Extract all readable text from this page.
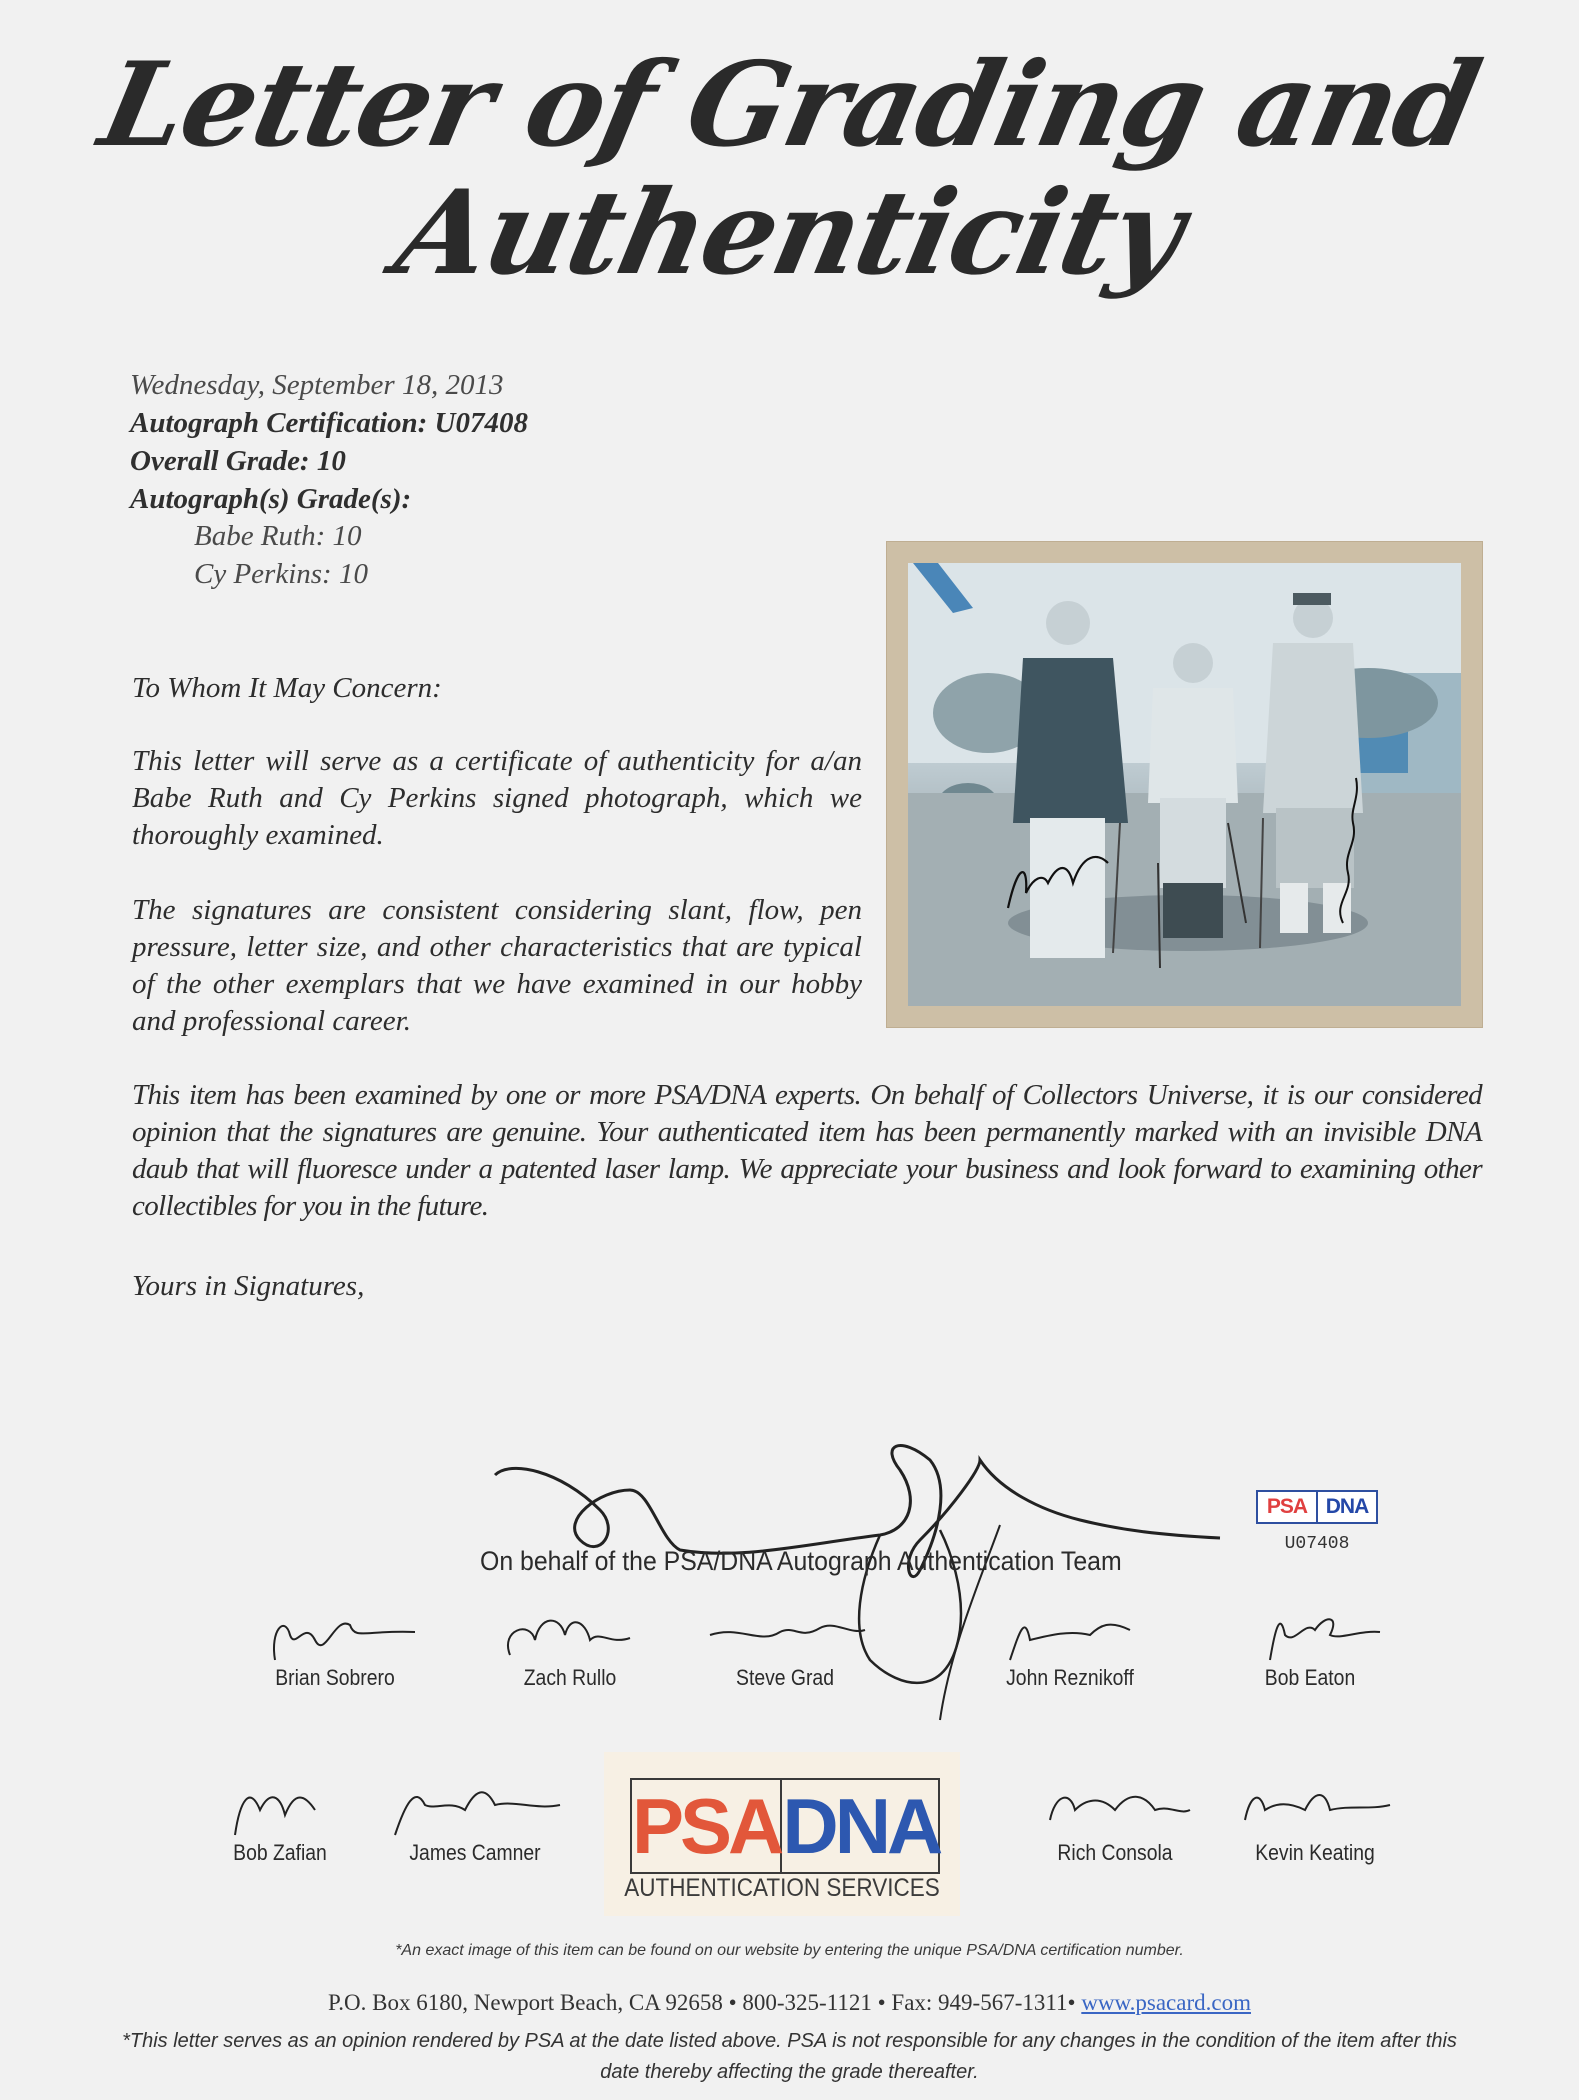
Letter of Grading and
Authenticity
Wednesday, September 18, 2013
Autograph Certification: U07408
Overall Grade: 10
Autograph(s) Grade(s):
Babe Ruth: 10
Cy Perkins: 10
To Whom It May Concern:
This letter will serve as a certificate of authenticity for a/an Babe Ruth and Cy Perkins signed photograph, which we thoroughly examined.
The signatures are consistent considering slant, flow, pen pressure, letter size, and other characteristics that are typical of the other exemplars that we have examined in our hobby and professional career.
This item has been examined by one or more PSA/DNA experts. On behalf of Collectors Universe, it is our considered opinion that the signatures are genuine. Your authenticated item has been permanently marked with an invisible DNA daub that will fluoresce under a patented laser lamp. We appreciate your business and look forward to examining other collectibles for you in the future.
Yours in Signatures,
On behalf of the PSA/DNA Autograph Authentication Team
PSA DNA
U07408
Brian Sobrero	Zach Rullo	Steve Grad	John Reznikoff	Bob Eaton
Bob Zafian	James Camner	Rich Consola	Kevin Keating
PSA DNA
AUTHENTICATION SERVICES
*An exact image of this item can be found on our website by entering the unique PSA/DNA certification number.
P.O. Box 6180, Newport Beach, CA 92658 • 800-325-1121 • Fax: 949-567-1311• www.psacard.com
*This letter serves as an opinion rendered by PSA at the date listed above. PSA is not responsible for any changes in the condition of the item after this date thereby affecting the grade thereafter.
